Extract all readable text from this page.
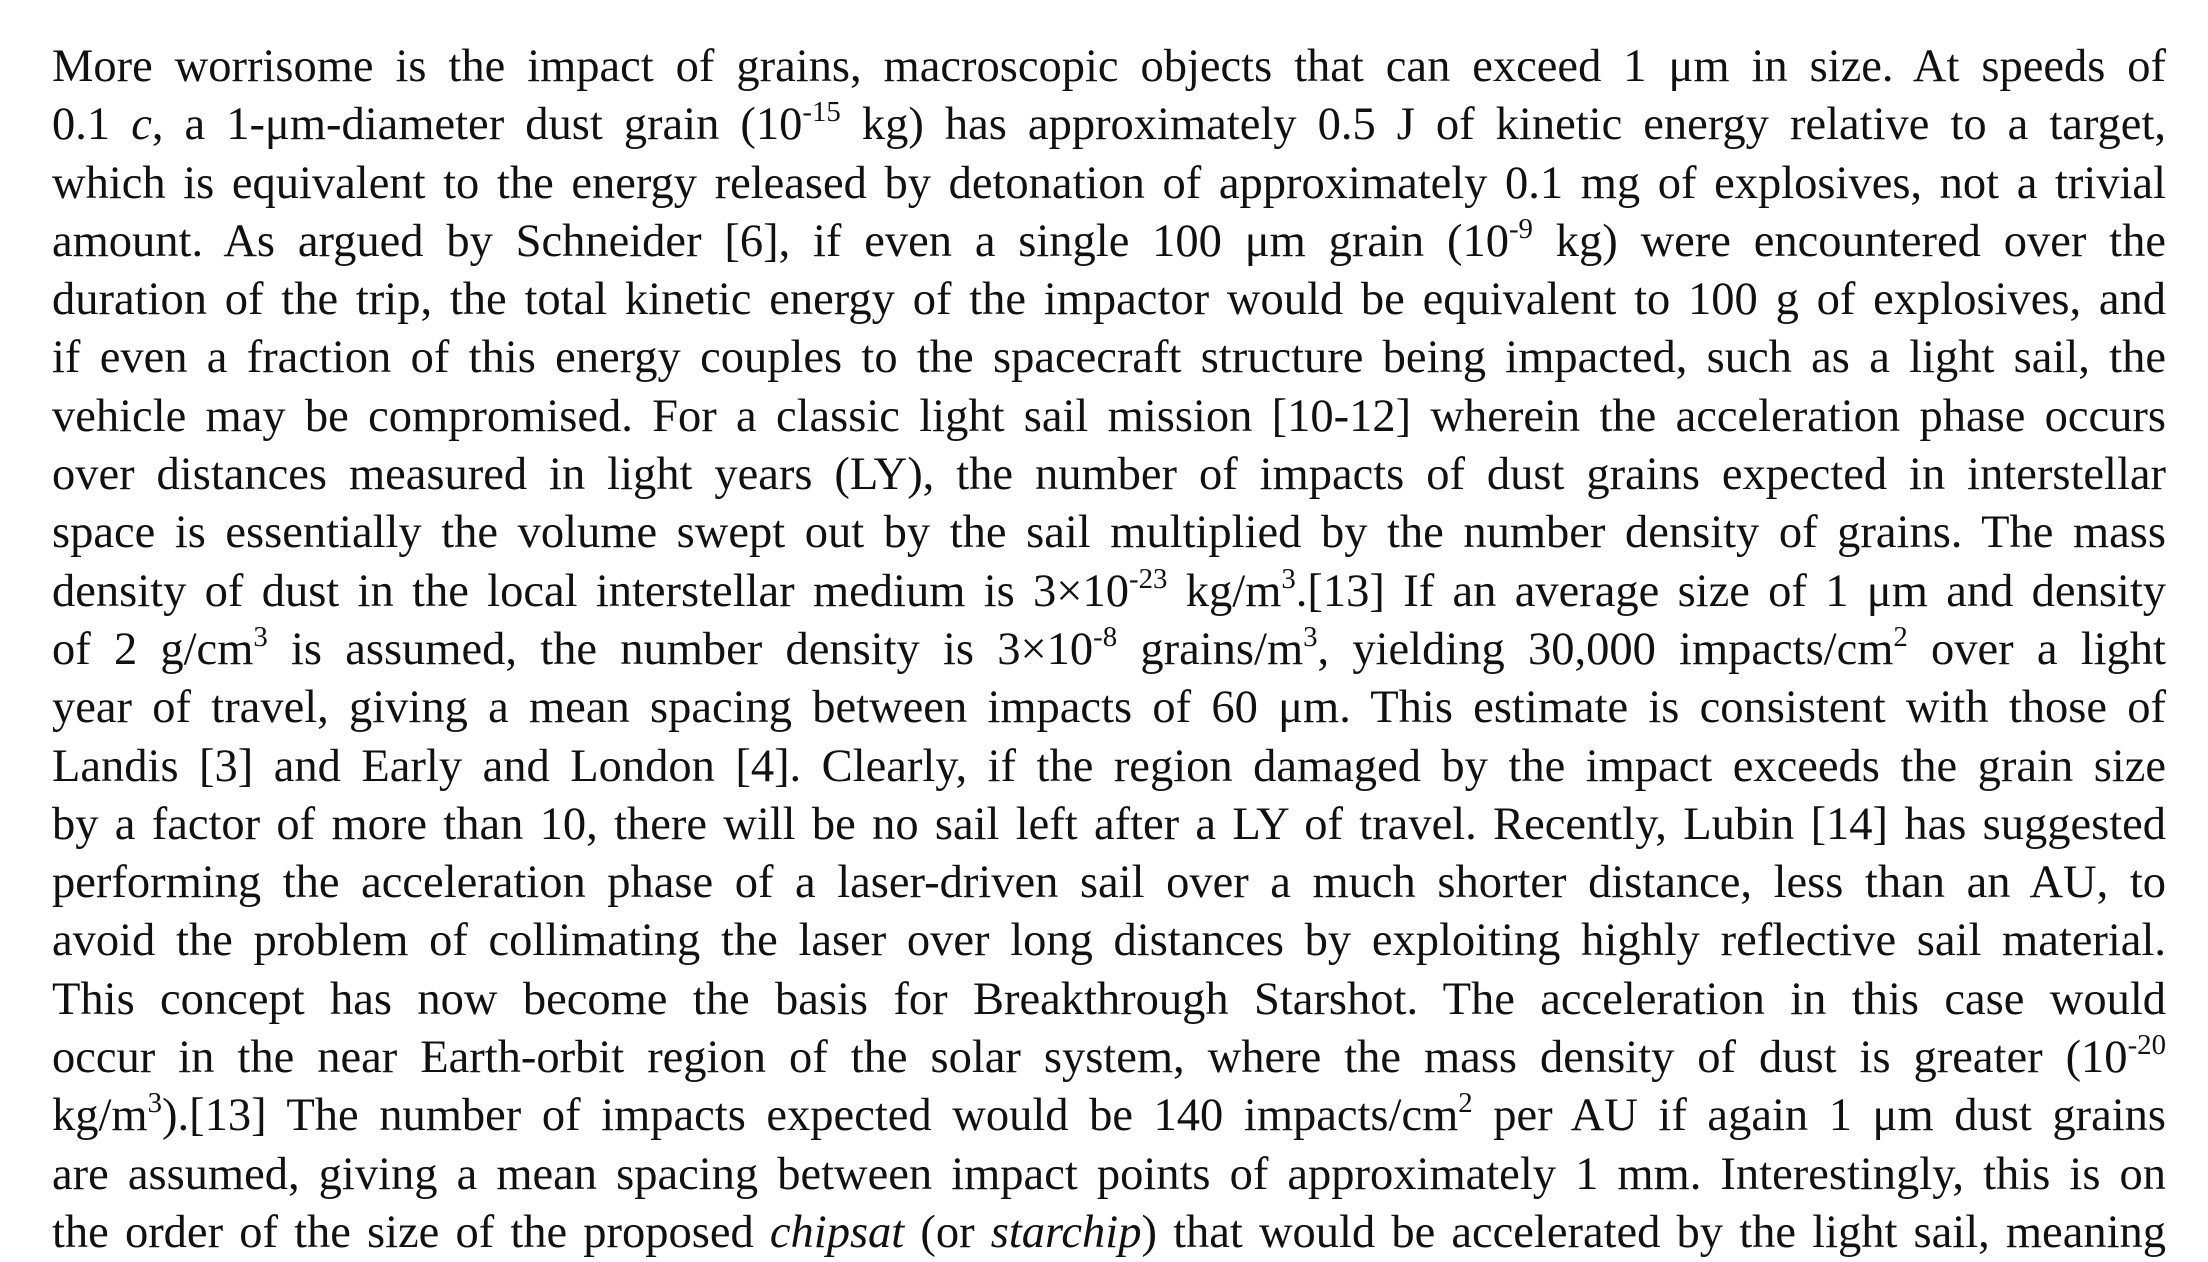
More worrisome is the impact of grains, macroscopic objects that can exceed 1 μm in size. At speeds of
0.1 c, a 1-μm-diameter dust grain ($10^{-15}$ kg) has approximately 0.5 J of kinetic energy relative to a target,
which is equivalent to the energy released by detonation of approximately 0.1 mg of explosives, not a trivial
amount. As argued by Schneider [6], if even a single 100 μm grain ($10^{-9}$ kg) were encountered over the
duration of the trip, the total kinetic energy of the impactor would be equivalent to 100 g of explosives, and
if even a fraction of this energy couples to the spacecraft structure being impacted, such as a light sail, the
vehicle may be compromised. For a classic light sail mission [10-12] wherein the acceleration phase occurs
over distances measured in light years (LY), the number of impacts of dust grains expected in interstellar
space is essentially the volume swept out by the sail multiplied by the number density of grains. The mass
density of dust in the local interstellar medium is $3\times 10^{-23}$ $kg/m^3.[13]$ If an average size of 1 μm and density
of 2 $g/cm^3$ is assumed, the number density is $3\times 10^{-8}$ grains/$m^3$, yielding 30,000 impacts/$cm^2$ over a light
year of travel, giving a mean spacing between impacts of 60 μm. This estimate is consistent with those of
Landis [3] and Early and London [4]. Clearly, if the region damaged by the impact exceeds the grain size
by a factor of more than 10, there will be no sail left after a LY of travel. Recently, Lubin [14] has suggested
performing the acceleration phase of a laser-driven sail over a much shorter distance, less than an AU, to
avoid the problem of collimating the laser over long distances by exploiting highly reflective sail material.
This concept has now become the basis for Breakthrough Starshot. The acceleration in this case would
occur in the near Earth-orbit region of the solar system, where the mass density of dust is greater ($10^{-20}$
$kg/m^3).[13]$ The number of impacts expected would be 140 impacts/$cm^2$ per AU if again 1 μm dust grains
are assumed, giving a mean spacing between impact points of approximately 1 mm. Interestingly, this is on
the order of the size of the proposed chipsat (or starchip) that would be accelerated by the light sail, meaning
